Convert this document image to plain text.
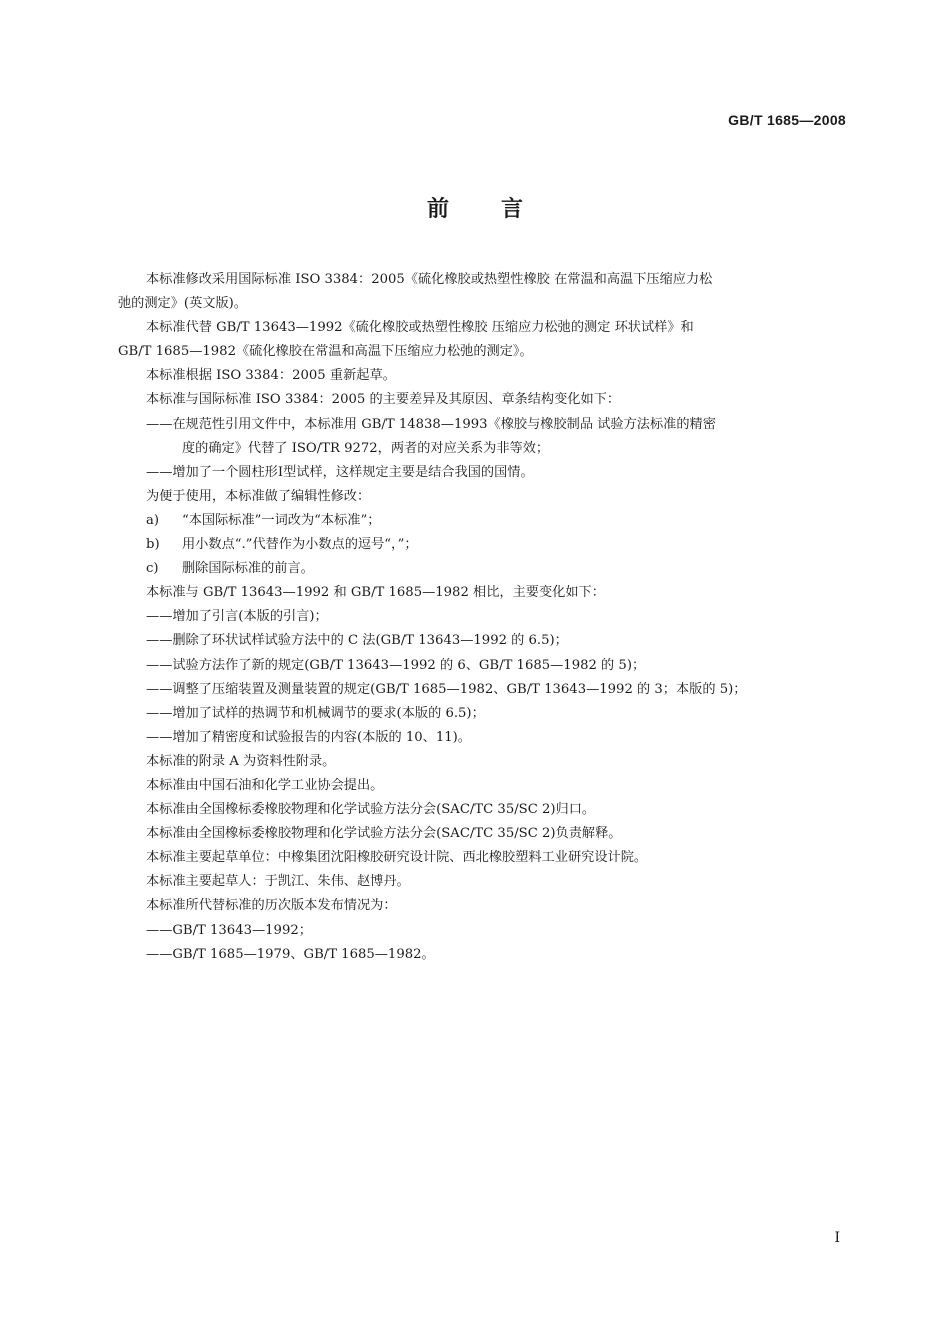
GB/T 1685—2008
前言
本标准修改采用国际标准 ISO 3384：2005《硫化橡胶或热塑性橡胶 在常温和高温下压缩应力松
弛的测定》(英文版)。
本标准代替 GB/T 13643—1992《硫化橡胶或热塑性橡胶 压缩应力松弛的测定 环状试样》和
GB/T 1685—1982《硫化橡胶在常温和高温下压缩应力松弛的测定》。
本标准根据 ISO 3384：2005 重新起草。
本标准与国际标准 ISO 3384：2005 的主要差异及其原因、章条结构变化如下：
——在规范性引用文件中，本标准用 GB/T 14838—1993《橡胶与橡胶制品 试验方法标准的精密
度的确定》代替了 ISO/TR 9272，两者的对应关系为非等效；
——增加了一个圆柱形Ⅰ型试样，这样规定主要是结合我国的国情。
为便于使用，本标准做了编辑性修改：
a) “本国际标准”一词改为“本标准”；
b) 用小数点“.”代替作为小数点的逗号“，”；
c) 删除国际标准的前言。
本标准与 GB/T 13643—1992 和 GB/T 1685—1982 相比，主要变化如下：
——增加了引言(本版的引言)；
——删除了环状试样试验方法中的 C 法(GB/T 13643—1992 的 6.5)；
——试验方法作了新的规定(GB/T 13643—1992 的 6、GB/T 1685—1982 的 5)；
——调整了压缩装置及测量装置的规定(GB/T 1685—1982、GB/T 13643—1992 的 3；本版的 5)；
——增加了试样的热调节和机械调节的要求(本版的 6.5)；
——增加了精密度和试验报告的内容(本版的 10、11)。
本标准的附录 A 为资料性附录。
本标准由中国石油和化学工业协会提出。
本标准由全国橡标委橡胶物理和化学试验方法分会(SAC/TC 35/SC 2)归口。
本标准由全国橡标委橡胶物理和化学试验方法分会(SAC/TC 35/SC 2)负责解释。
本标准主要起草单位：中橡集团沈阳橡胶研究设计院、西北橡胶塑料工业研究设计院。
本标准主要起草人：于凯江、朱伟、赵博丹。
本标准所代替标准的历次版本发布情况为：
——GB/T 13643—1992；
——GB/T 1685—1979、GB/T 1685—1982。
I
